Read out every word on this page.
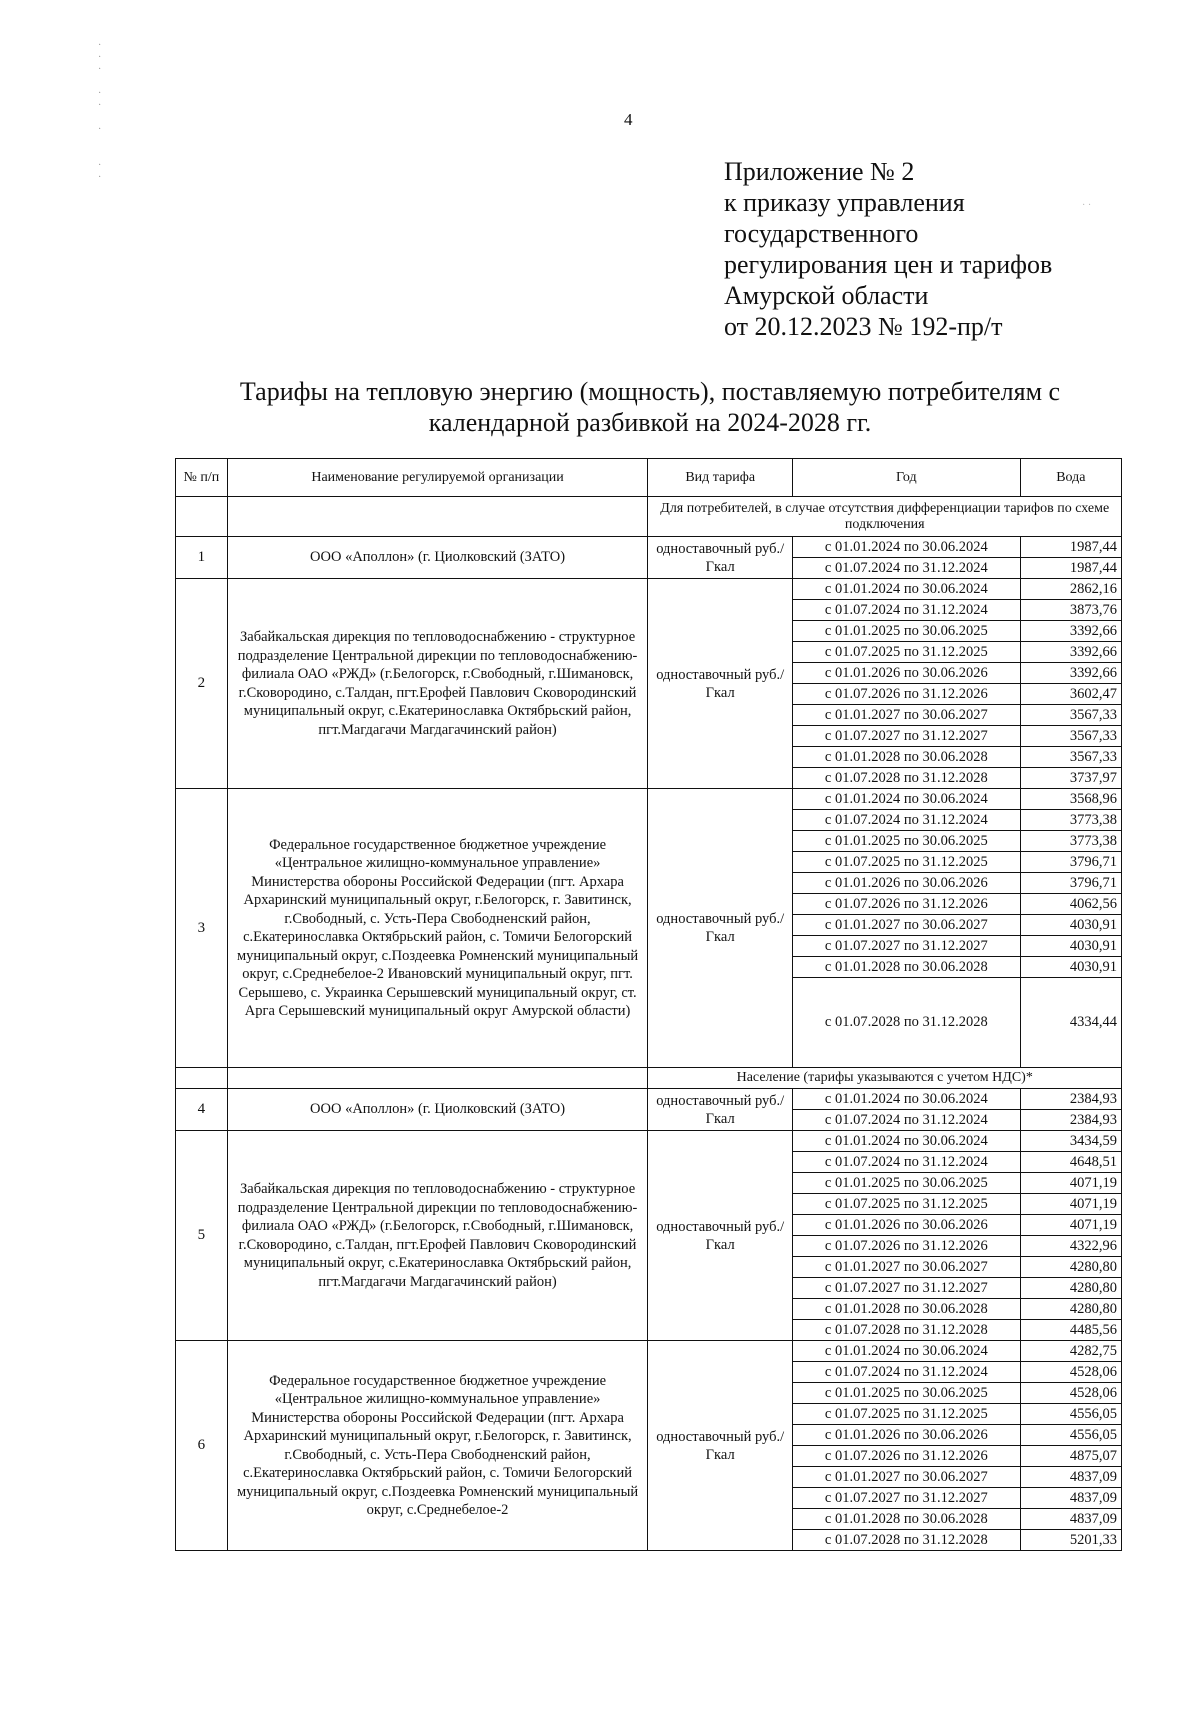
·
·
·

·
·

·

·
·
· ·
4
Приложение № 2
к приказу управления
государственного
регулирования цен и тарифов
Амурской области
от 20.12.2023 № 192-пр/т
Тарифы на тепловую энергию (мощность), поставляемую потребителям с
календарной разбивкой на 2024-2028 гг.
№ п/п	Наименование регулируемой организации	Вид тарифа	Год	Вода
		Для потребителей, в случае отсутствия дифференциации тарифов по схеме подключения		
1	ООО «Аполлон» (г. Циолковский (ЗАТО)	одноставочный руб./Гкал	с 01.01.2024 по 30.06.2024	1987,44
			с 01.07.2024 по 31.12.2024	1987,44
2	Забайкальская дирекция по тепловодоснабжению - структурное подразделение Центральной дирекции по тепловодоснабжению-филиала ОАО «РЖД» (г.Белогорск, г.Свободный, г.Шимановск, г.Сковородино, с.Талдан, пгт.Ерофей Павлович Сковородинский муниципальный округ, с.Екатеринославка Октябрьский район, пгт.Магдагачи Магдагачинский район)	одноставочный руб./Гкал	с 01.01.2024 по 30.06.2024	2862,16
			с 01.07.2024 по 31.12.2024	3873,76
			с 01.01.2025 по 30.06.2025	3392,66
			с 01.07.2025 по 31.12.2025	3392,66
			с 01.01.2026 по 30.06.2026	3392,66
			с 01.07.2026 по 31.12.2026	3602,47
			с 01.01.2027 по 30.06.2027	3567,33
			с 01.07.2027 по 31.12.2027	3567,33
			с 01.01.2028 по 30.06.2028	3567,33
			с 01.07.2028 по 31.12.2028	3737,97
3	Федеральное государственное бюджетное учреждение «Центральное жилищно-коммунальное управление» Министерства обороны Российской Федерации (пгт. Архара Архаринский муниципальный округ, г.Белогорск, г. Завитинск, г.Свободный, с. Усть-Пера Свободненский район, с.Екатеринославка Октябрьский район, с. Томичи Белогорский муниципальный округ, с.Поздеевка Ромненский муниципальный округ, с.Среднебелое-2 Ивановский муниципальный округ, пгт. Серышево, с. Украинка Серышевский муниципальный округ, ст. Арга Серышевский муниципальный округ Амурской области)	одноставочный руб./Гкал	с 01.01.2024 по 30.06.2024	3568,96
			с 01.07.2024 по 31.12.2024	3773,38
			с 01.01.2025 по 30.06.2025	3773,38
			с 01.07.2025 по 31.12.2025	3796,71
			с 01.01.2026 по 30.06.2026	3796,71
			с 01.07.2026 по 31.12.2026	4062,56
			с 01.01.2027 по 30.06.2027	4030,91
			с 01.07.2027 по 31.12.2027	4030,91
			с 01.01.2028 по 30.06.2028	4030,91
			с 01.07.2028 по 31.12.2028	4334,44
		Население (тарифы указываются с учетом НДС)*		
4	ООО «Аполлон» (г. Циолковский (ЗАТО)	одноставочный руб./Гкал	с 01.01.2024 по 30.06.2024	2384,93
			с 01.07.2024 по 31.12.2024	2384,93
5	Забайкальская дирекция по тепловодоснабжению - структурное подразделение Центральной дирекции по тепловодоснабжению-филиала ОАО «РЖД» (г.Белогорск, г.Свободный, г.Шимановск, г.Сковородино, с.Талдан, пгт.Ерофей Павлович Сковородинский муниципальный округ, с.Екатеринославка Октябрьский район, пгт.Магдагачи Магдагачинский район)	одноставочный руб./Гкал	с 01.01.2024 по 30.06.2024	3434,59
			с 01.07.2024 по 31.12.2024	4648,51
			с 01.01.2025 по 30.06.2025	4071,19
			с 01.07.2025 по 31.12.2025	4071,19
			с 01.01.2026 по 30.06.2026	4071,19
			с 01.07.2026 по 31.12.2026	4322,96
			с 01.01.2027 по 30.06.2027	4280,80
			с 01.07.2027 по 31.12.2027	4280,80
			с 01.01.2028 по 30.06.2028	4280,80
			с 01.07.2028 по 31.12.2028	4485,56
6	Федеральное государственное бюджетное учреждение «Центральное жилищно-коммунальное управление» Министерства обороны Российской Федерации (пгт. Архара Архаринский муниципальный округ, г.Белогорск, г. Завитинск, г.Свободный, с. Усть-Пера Свободненский район, с.Екатеринославка Октябрьский район, с. Томичи Белогорский муниципальный округ, с.Поздеевка Ромненский муниципальный округ, с.Среднебелое-2	одноставочный руб./Гкал	с 01.01.2024 по 30.06.2024	4282,75
			с 01.07.2024 по 31.12.2024	4528,06
			с 01.01.2025 по 30.06.2025	4528,06
			с 01.07.2025 по 31.12.2025	4556,05
			с 01.01.2026 по 30.06.2026	4556,05
			с 01.07.2026 по 31.12.2026	4875,07
			с 01.01.2027 по 30.06.2027	4837,09
			с 01.07.2027 по 31.12.2027	4837,09
			с 01.01.2028 по 30.06.2028	4837,09
			с 01.07.2028 по 31.12.2028	5201,33
